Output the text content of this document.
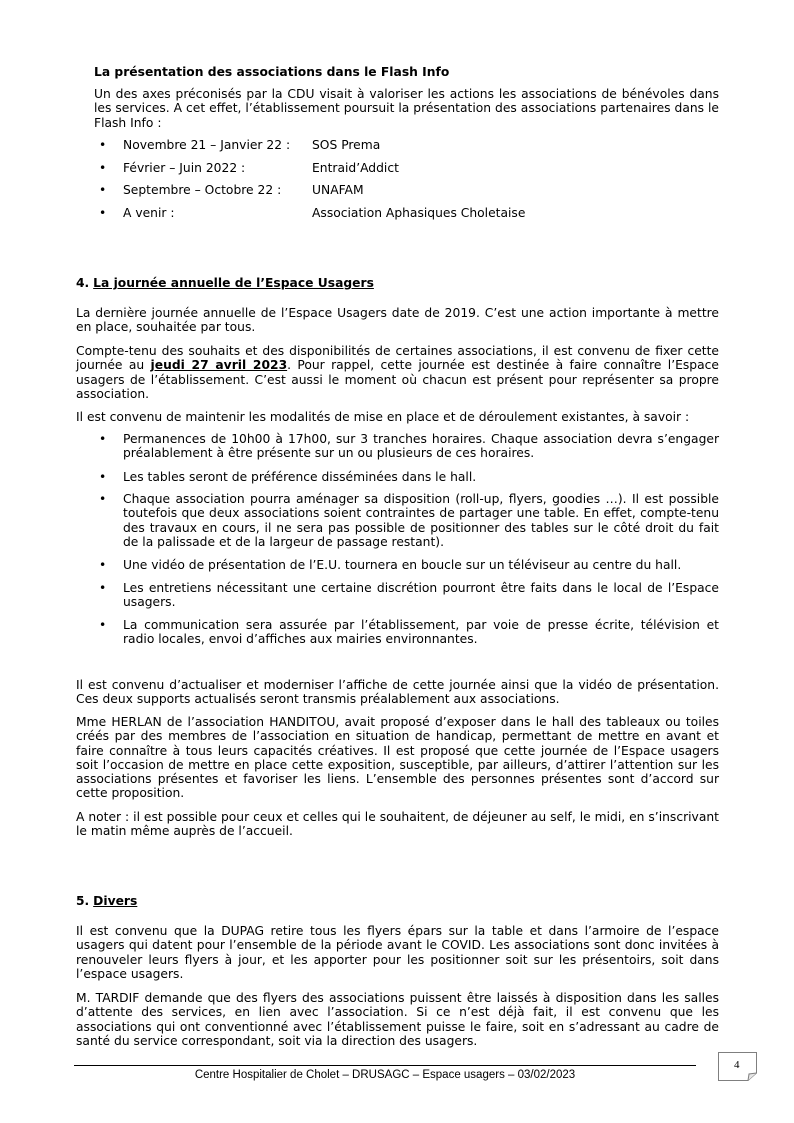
La présentation des associations dans le Flash Info
Un des axes préconisés par la CDU visait à valoriser les actions les associations de bénévoles dans les services. A cet effet, l’établissement poursuit la présentation des associations partenaires dans le Flash Info :
• Novembre 21 – Janvier 22 :	SOS Prema
• Février – Juin 2022 :	Entraid’Addict
• Septembre – Octobre 22 :	UNAFAM
• A venir :	Association Aphasiques Choletaise
4. La journée annuelle de l’Espace Usagers
La dernière journée annuelle de l’Espace Usagers date de 2019. C’est une action importante à mettre en place, souhaitée par tous.
Compte-tenu des souhaits et des disponibilités de certaines associations, il est convenu de fixer cette journée au jeudi 27 avril 2023. Pour rappel, cette journée est destinée à faire connaître l’Espace usagers de l’établissement. C’est aussi le moment où chacun est présent pour représenter sa propre association.
Il est convenu de maintenir les modalités de mise en place et de déroulement existantes, à savoir :
• Permanences de 10h00 à 17h00, sur 3 tranches horaires. Chaque association devra s’engager préalablement à être présente sur un ou plusieurs de ces horaires.
• Les tables seront de préférence disséminées dans le hall.
• Chaque association pourra aménager sa disposition (roll-up, flyers, goodies …). Il est possible toutefois que deux associations soient contraintes de partager une table. En effet, compte-tenu des travaux en cours, il ne sera pas possible de positionner des tables sur le côté droit du fait de la palissade et de la largeur de passage restant).
• Une vidéo de présentation de l’E.U. tournera en boucle sur un téléviseur au centre du hall.
• Les entretiens nécessitant une certaine discrétion pourront être faits dans le local de l’Espace usagers.
• La communication sera assurée par l’établissement, par voie de presse écrite, télévision et radio locales, envoi d’affiches aux mairies environnantes.
Il est convenu d’actualiser et moderniser l’affiche de cette journée ainsi que la vidéo de présentation. Ces deux supports actualisés seront transmis préalablement aux associations.
Mme HERLAN de l’association HANDITOU, avait proposé d’exposer dans le hall des tableaux ou toiles créés par des membres de l’association en situation de handicap, permettant de mettre en avant et faire connaître à tous leurs capacités créatives. Il est proposé que cette journée de l’Espace usagers soit l’occasion de mettre en place cette exposition, susceptible, par ailleurs, d’attirer l’attention sur les associations présentes et favoriser les liens. L’ensemble des personnes présentes sont d’accord sur cette proposition.
A noter : il est possible pour ceux et celles qui le souhaitent, de déjeuner au self, le midi, en s’inscrivant le matin même auprès de l’accueil.
5. Divers
Il est convenu que la DUPAG retire tous les flyers épars sur la table et dans l’armoire de l’espace usagers qui datent pour l’ensemble de la période avant le COVID. Les associations sont donc invitées à renouveler leurs flyers à jour, et les apporter pour les positionner soit sur les présentoirs, soit dans l’espace usagers.
M. TARDIF demande que des flyers des associations puissent être laissés à disposition dans les salles d’attente des services, en lien avec l’association. Si ce n’est déjà fait, il est convenu que les associations qui ont conventionné avec l’établissement puisse le faire, soit en s’adressant au cadre de santé du service correspondant, soit via la direction des usagers.
Centre Hospitalier de Cholet – DRUSAGC – Espace usagers – 03/02/2023
4
